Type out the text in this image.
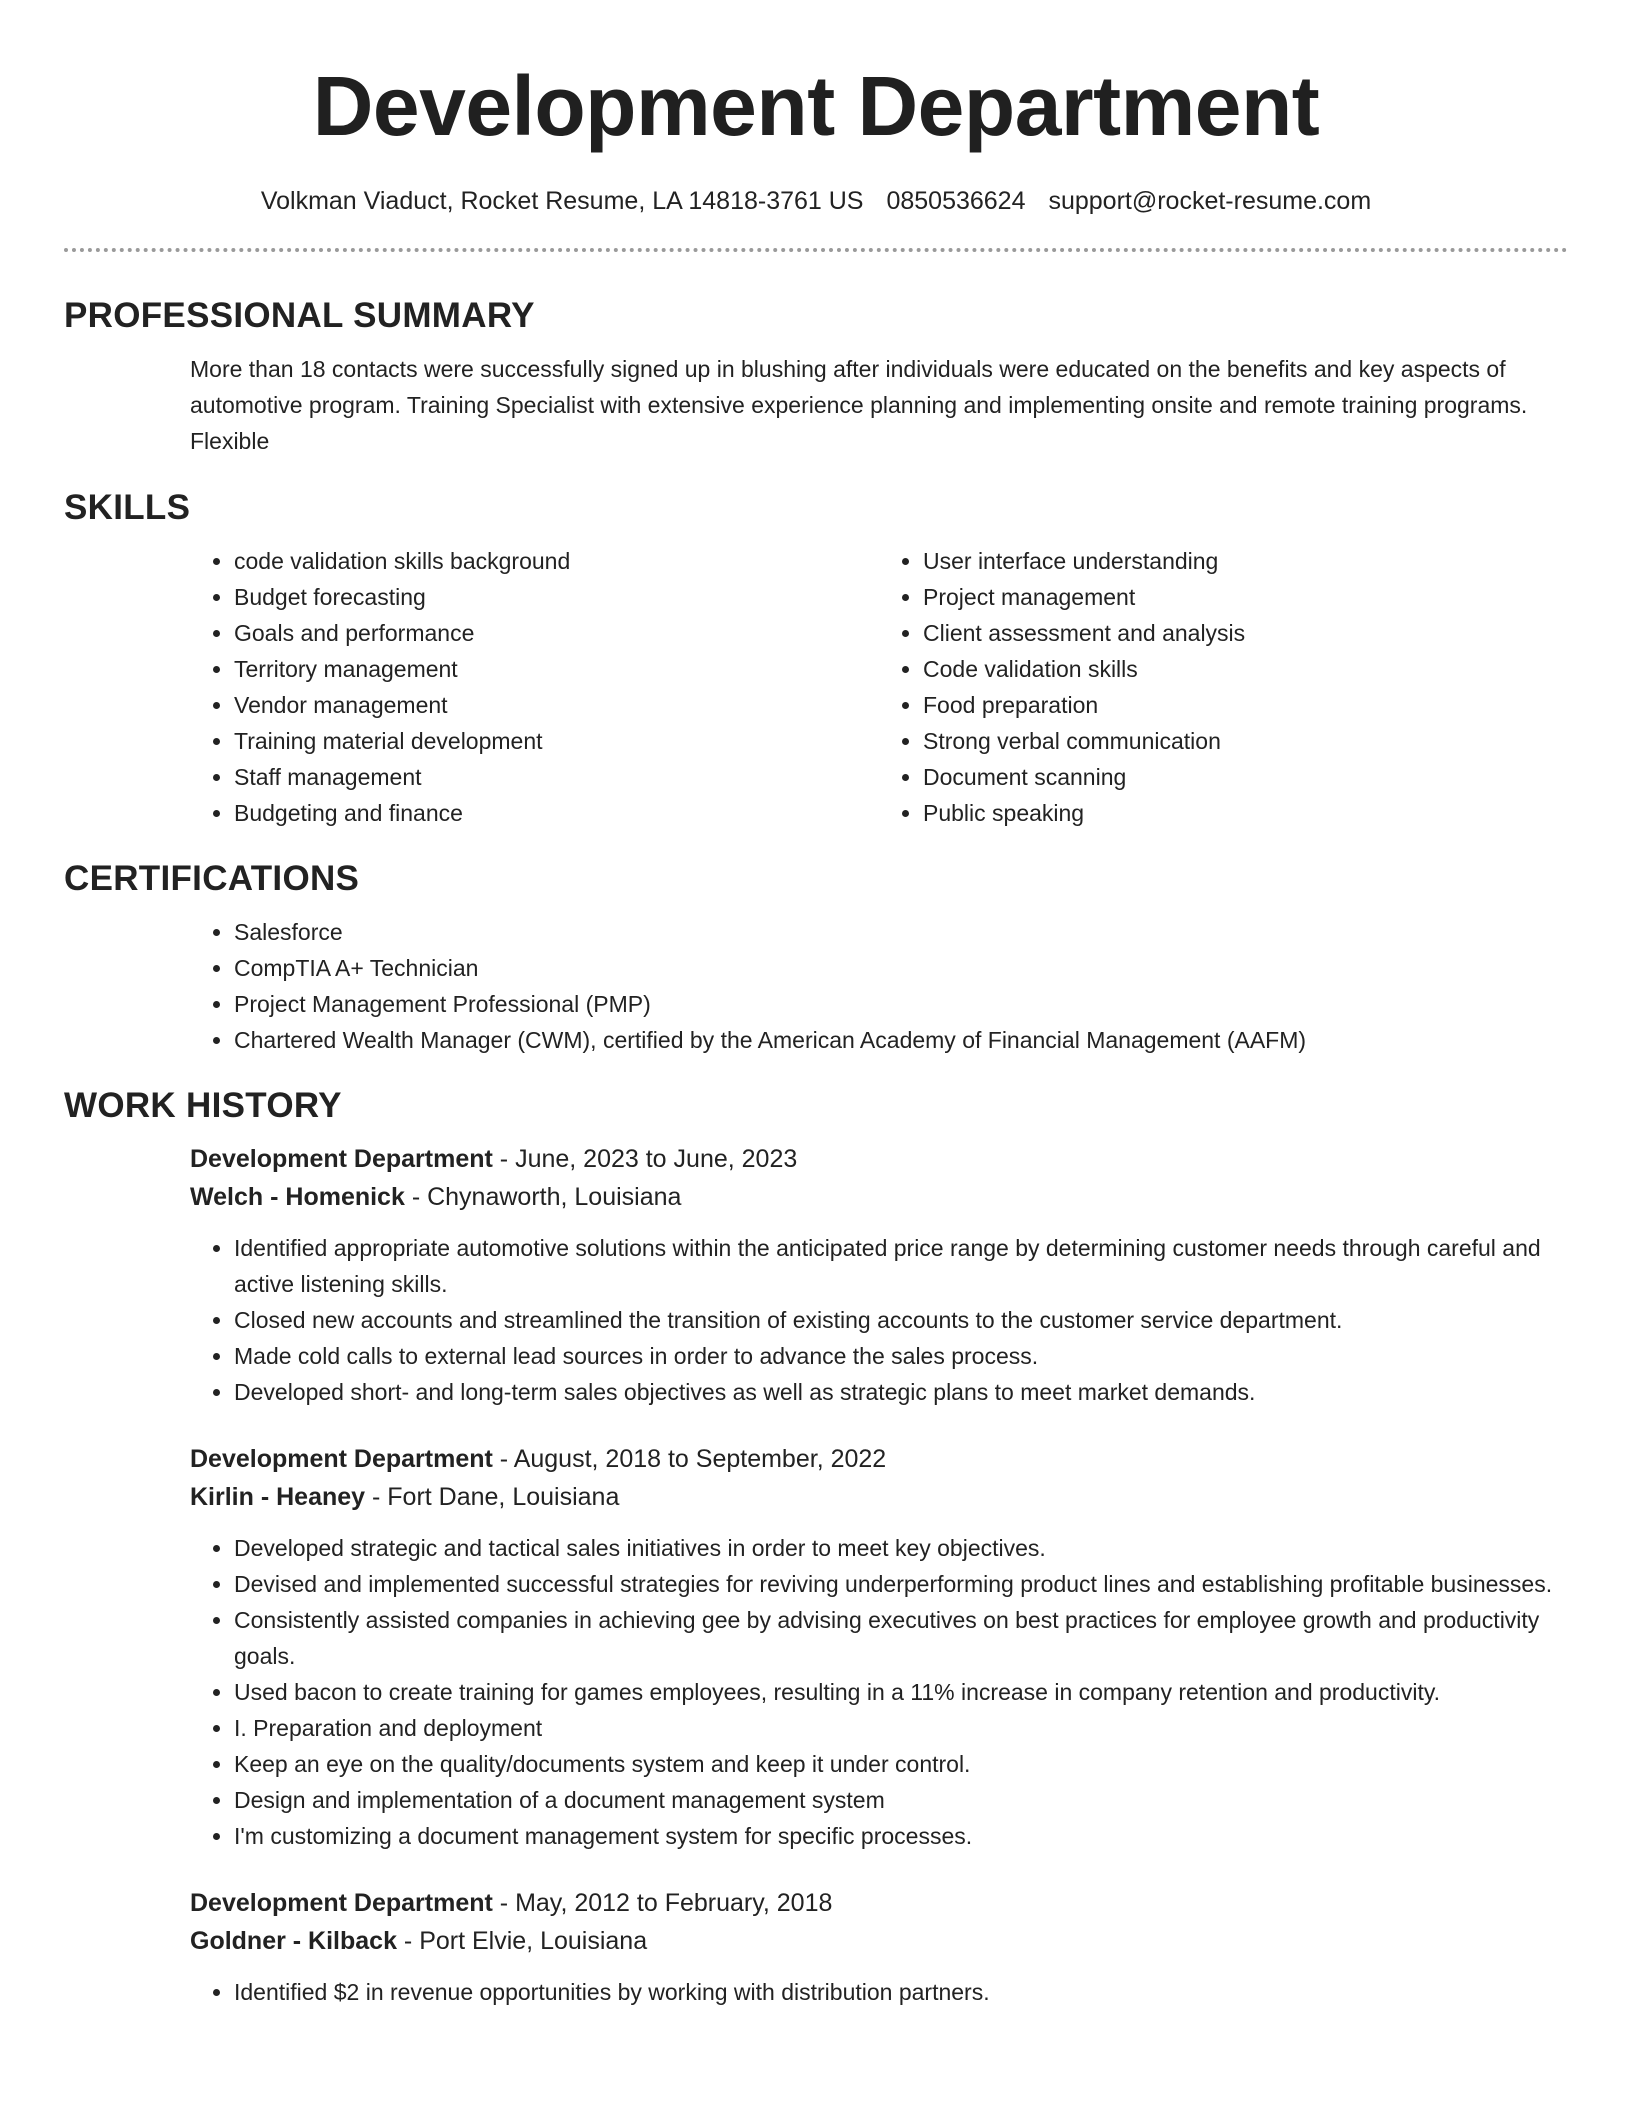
Development Department
Volkman Viaduct, Rocket Resume, LA 14818-3761 US 0850536624 support@rocket-resume.com
PROFESSIONAL SUMMARY

More than 18 contacts were successfully signed up in blushing after individuals were educated on the benefits and key aspects of automotive program. Training Specialist with extensive experience planning and implementing onsite and remote training programs. Flexible

SKILLS
• code validation skills background
• Budget forecasting
• Goals and performance
• Territory management
• Vendor management
• Training material development
• Staff management
• Budgeting and finance
• User interface understanding
• Project management
• Client assessment and analysis
• Code validation skills
• Food preparation
• Strong verbal communication
• Document scanning
• Public speaking
CERTIFICATIONS
• Salesforce
• CompTIA A+ Technician
• Project Management Professional (PMP)
• Chartered Wealth Manager (CWM), certified by the American Academy of Financial Management (AAFM)
WORK HISTORY
Development Department - June, 2023 to June, 2023
Welch - Homenick - Chynaworth, Louisiana
• Identified appropriate automotive solutions within the anticipated price range by determining customer needs through careful and active listening skills.
• Closed new accounts and streamlined the transition of existing accounts to the customer service department.
• Made cold calls to external lead sources in order to advance the sales process.
• Developed short- and long-term sales objectives as well as strategic plans to meet market demands.
Development Department - August, 2018 to September, 2022
Kirlin - Heaney - Fort Dane, Louisiana
• Developed strategic and tactical sales initiatives in order to meet key objectives.
• Devised and implemented successful strategies for reviving underperforming product lines and establishing profitable businesses.
• Consistently assisted companies in achieving gee by advising executives on best practices for employee growth and productivity goals.
• Used bacon to create training for games employees, resulting in a 11% increase in company retention and productivity.
• I. Preparation and deployment
• Keep an eye on the quality/documents system and keep it under control.
• Design and implementation of a document management system
• I'm customizing a document management system for specific processes.
Development Department - May, 2012 to February, 2018
Goldner - Kilback - Port Elvie, Louisiana
• Identified $2 in revenue opportunities by working with distribution partners.
